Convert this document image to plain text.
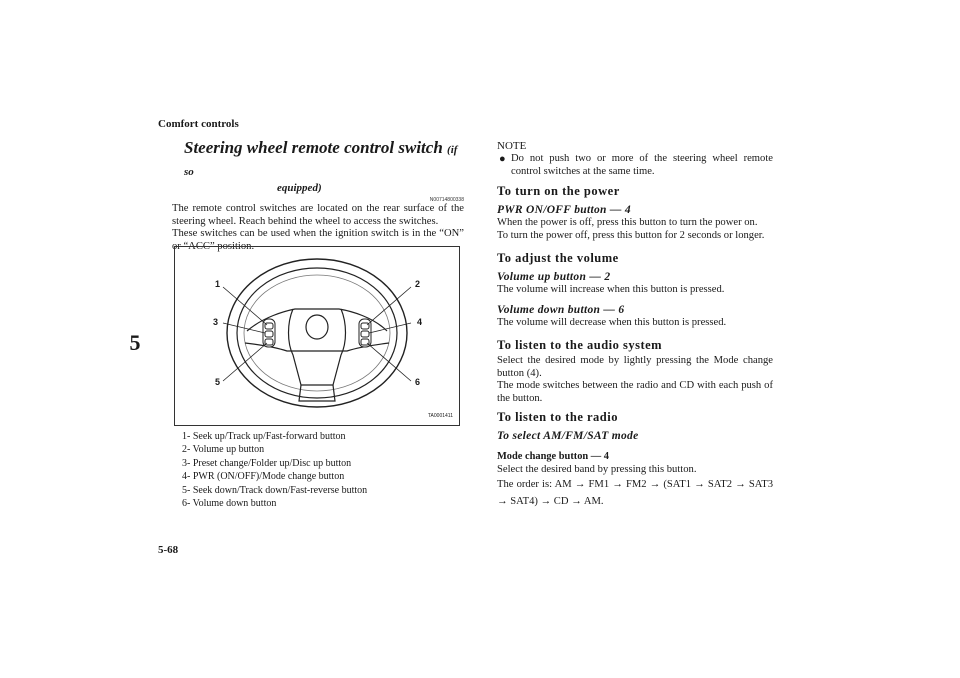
Comfort controls
5
Steering wheel remote control switch (if so
equipped)
N00714800338

The remote control switches are located on the rear surface of the steering wheel. Reach behind the wheel to access the switches.

These switches can be used when the ignition switch is in the “ON” or “ACC” position.

1	2
3	4
5	6
TA0001411
1- Seek up/Track up/Fast-forward button
2- Volume up button
3- Preset change/Folder up/Disc up button
4- PWR (ON/OFF)/Mode change button
5- Seek down/Track down/Fast-reverse button
6- Volume down button

NOTE

● Do not push two or more of the steering wheel remote control switches at the same time.
To turn on the power
PWR ON/OFF button — 4
When the power is off, press this button to turn the power on.
To turn the power off, press this button for 2 seconds or longer.
To adjust the volume
Volume up button — 2
The volume will increase when this button is pressed.
Volume down button — 6
The volume will decrease when this button is pressed.
To listen to the audio system
Select the desired mode by lightly pressing the Mode change button (4).
The mode switches between the radio and CD with each push of the button.
To listen to the radio
To select AM/FM/SAT mode
Mode change button — 4
Select the desired band by pressing this button.
The order is: AM → FM1 → FM2 → (SAT1 → SAT2 → SAT3 → SAT4) → CD → AM.
5-68
